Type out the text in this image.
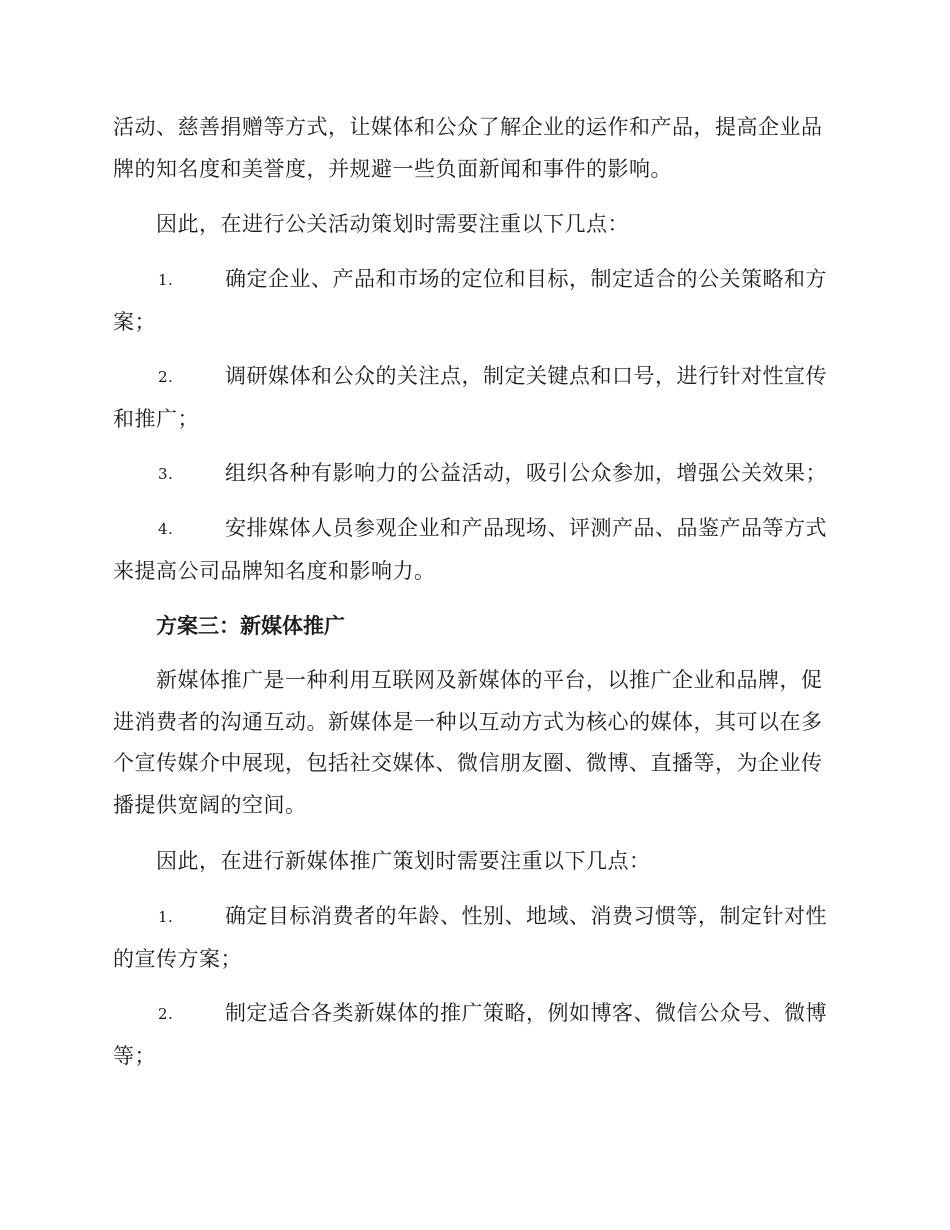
活动、慈善捐赠等方式，让媒体和公众了解企业的运作和产品，提高企业品牌的知名度和美誉度，并规避一些负面新闻和事件的影响。

因此，在进行公关活动策划时需要注重以下几点：

1. 确定企业、产品和市场的定位和目标，制定适合的公关策略和方案；

2. 调研媒体和公众的关注点，制定关键点和口号，进行针对性宣传和推广；

3. 组织各种有影响力的公益活动，吸引公众参加，增强公关效果；

4. 安排媒体人员参观企业和产品现场、评测产品、品鉴产品等方式来提高公司品牌知名度和影响力。

方案三：新媒体推广

新媒体推广是一种利用互联网及新媒体的平台，以推广企业和品牌，促进消费者的沟通互动。新媒体是一种以互动方式为核心的媒体，其可以在多个宣传媒介中展现，包括社交媒体、微信朋友圈、微博、直播等，为企业传播提供宽阔的空间。

因此，在进行新媒体推广策划时需要注重以下几点：

1. 确定目标消费者的年龄、性别、地域、消费习惯等，制定针对性的宣传方案；

2. 制定适合各类新媒体的推广策略，例如博客、微信公众号、微博等；
